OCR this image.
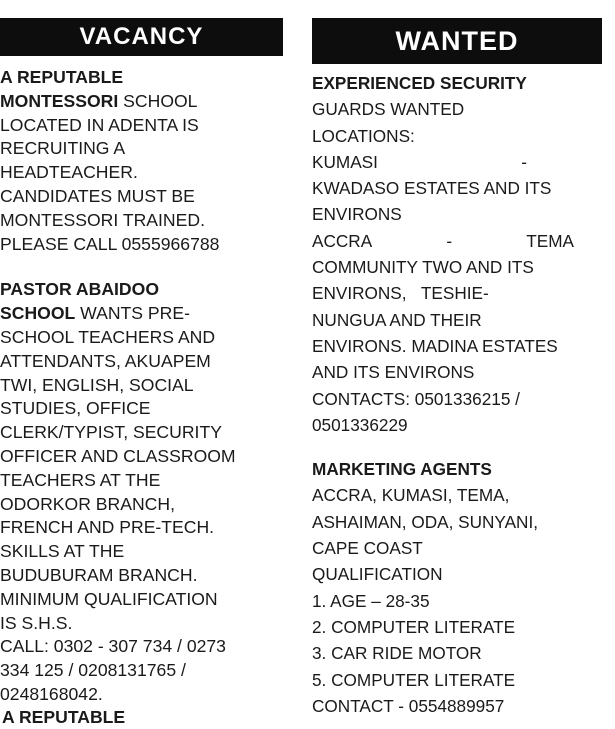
VACANCY
A REPUTABLE
MONTESSORI SCHOOL
LOCATED IN ADENTA IS
RECRUITING A
HEADTEACHER.
CANDIDATES MUST BE
MONTESSORI TRAINED.
PLEASE CALL 0555966788
PASTOR ABAIDOO
SCHOOL WANTS PRE-
SCHOOL TEACHERS AND
ATTENDANTS, AKUAPEM
TWI, ENGLISH, SOCIAL
STUDIES, OFFICE
CLERK/TYPIST, SECURITY
OFFICER AND CLASSROOM
TEACHERS AT THE
ODORKOR BRANCH,
FRENCH AND PRE-TECH.
SKILLS AT THE
BUDUBURAM BRANCH.
MINIMUM QUALIFICATION
IS S.H.S.
CALL: 0302 - 307 734 / 0273
334 125 / 0208131765 /
0248168042.
A REPUTABLE
WANTED
EXPERIENCED SECURITY
GUARDS WANTED
LOCATIONS:
KUMASI	-
KWADASO ESTATES AND ITS
ENVIRONS
ACCRA	-	TEMA
COMMUNITY TWO AND ITS
ENVIRONS, TESHIE-
NUNGUA AND THEIR
ENVIRONS. MADINA ESTATES
AND ITS ENVIRONS
CONTACTS: 0501336215 /
0501336229
MARKETING AGENTS
ACCRA, KUMASI, TEMA,
ASHAIMAN, ODA, SUNYANI,
CAPE COAST
QUALIFICATION
1. AGE – 28-35
2. COMPUTER LITERATE
3. CAR RIDE MOTOR
5. COMPUTER LITERATE
CONTACT - 0554889957
